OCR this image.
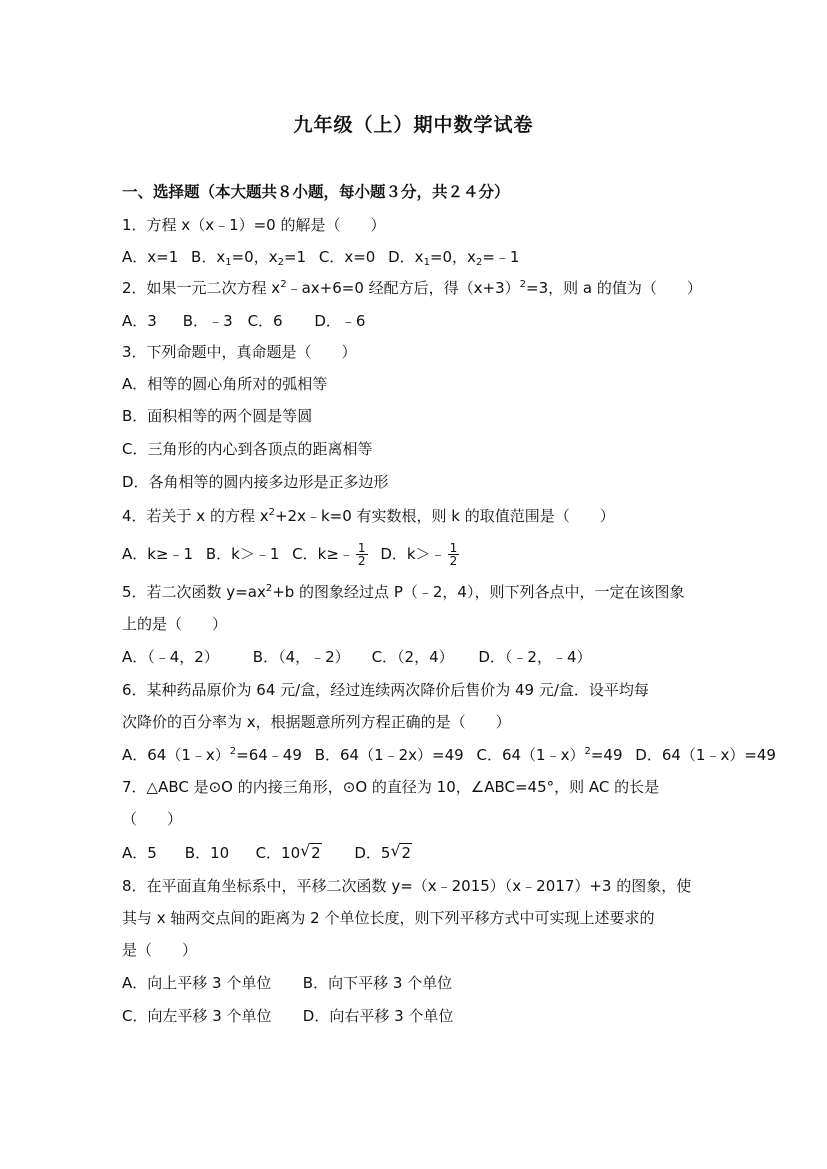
九年级（上）期中数学试卷
一、选择题（本大题共８小题，每小题３分，共２４分）
1．方程 x（x﹣1）=0 的解是（　　）
A．x=1 B．$x_1=0$，$x_2=1$ C．x=0 D．$x_1=0$，$x_2=﹣1$
2．如果一元二次方程 $x^2﹣ax+6=0$ 经配方后，得$(x+3)^2=3$，则 a 的值为（　　）
A．3 B．﹣3 C．6 D．﹣6
3．下列命题中，真命题是（　　）
A．相等的圆心角所对的弧相等
B．面积相等的两个圆是等圆
C．三角形的内心到各顶点的距离相等
D．各角相等的圆内接多边形是正多边形
4．若关于 x 的方程 $x^2+2x﹣k=0$ 有实数根，则 k 的取值范围是（　　）
A．k≥﹣1 B．k＞﹣1 C．k≥﹣ $\frac{1}{2}$ D．k＞﹣ $\frac{1}{2}$
5．若二次函数 $y=ax^2+b$ 的图象经过点 P（﹣2，4），则下列各点中，一定在该图象
上的是（　　）
A．（﹣4，2） B．（4，﹣2） C．（2，4） D．（﹣2，﹣4）
6．某种药品原价为 64 元/盒，经过连续两次降价后售价为 49 元/盒．设平均每
次降价的百分率为 x，根据题意所列方程正确的是（　　）
A．64（1﹣x）$^2$=64﹣49 B．64（1﹣2x）=49 C．64（1﹣x）$^2$=49 D．64（1﹣x）=49
7．△ABC 是⊙O 的内接三角形，⊙O 的直径为 10，∠ABC=45°，则 AC 的长是
（　　）
A．5 B．10 C．10 √ 2 D．5 √ 2
8．在平面直角坐标系中，平移二次函数 y=（x﹣2015）（x﹣2017）+3 的图象，使
其与 x 轴两交点间的距离为 2 个单位长度，则下列平移方式中可实现上述要求的
是（　　）
A．向上平移 3 个单位 B．向下平移 3 个单位
C．向左平移 3 个单位 D．向右平移 3 个单位
